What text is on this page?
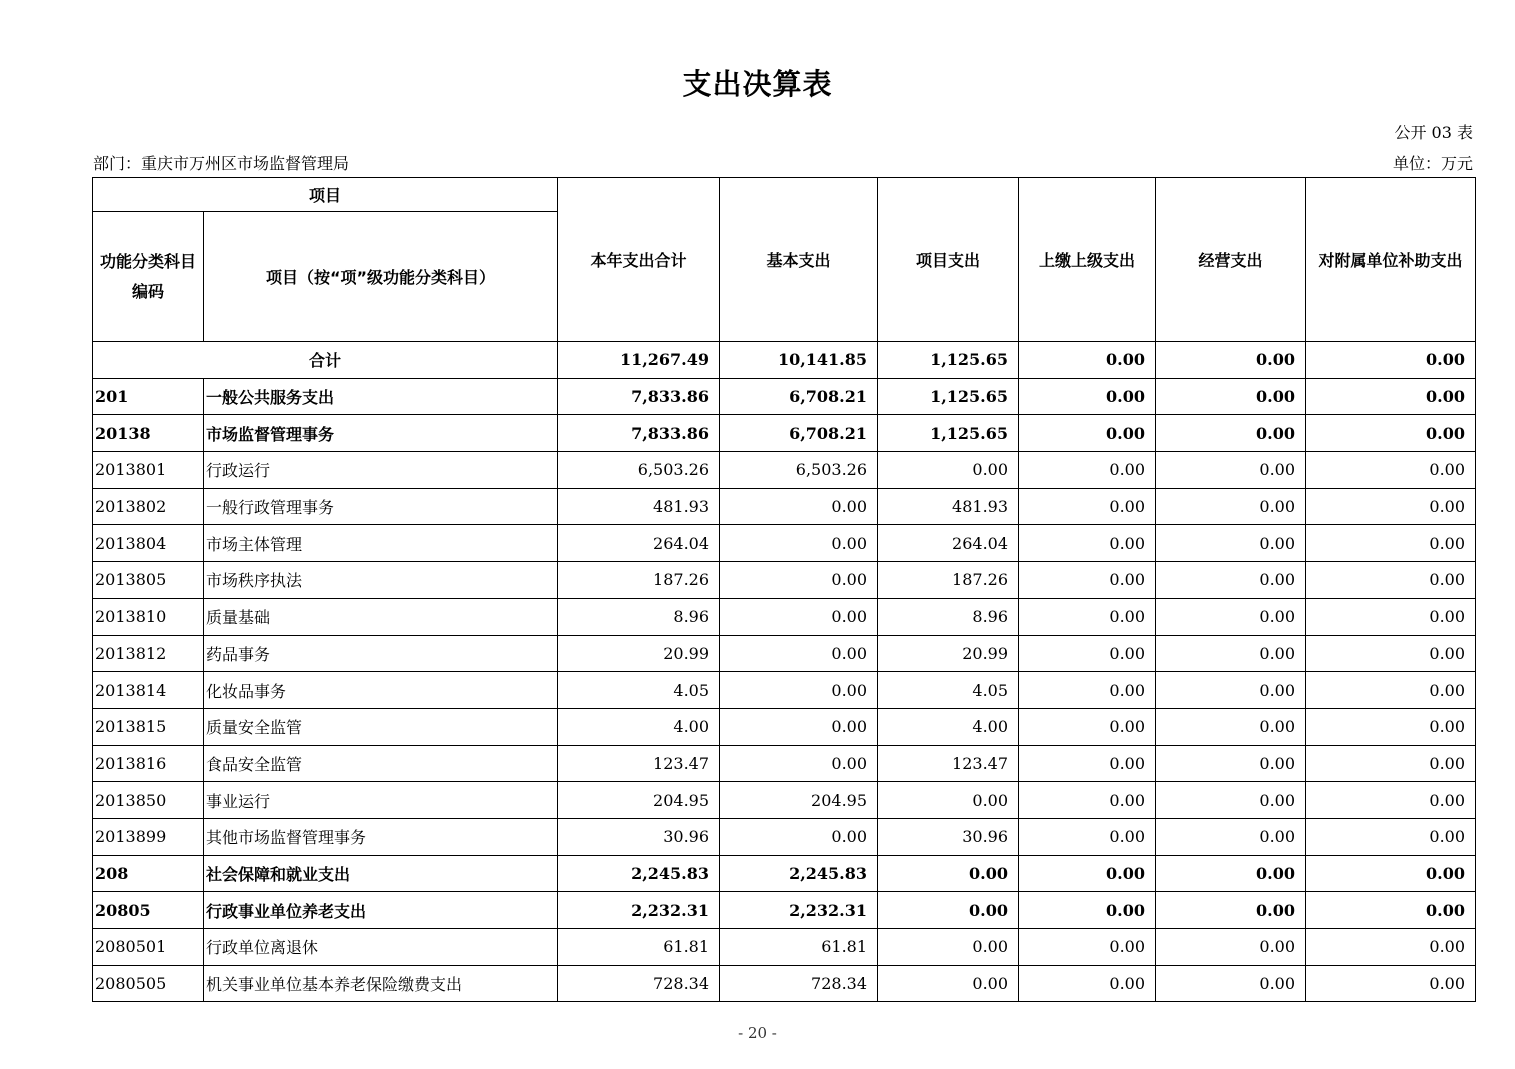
支出决算表
公开 03 表
部门：重庆市万州区市场监督管理局	单位：万元
项目		本年支出合计	基本支出	项目支出	上缴上级支出	经营支出	对附属单位补助支出
功能分类科目编码	项目（按“项”级功能分类科目）						
合计		11,267.49	10,141.85	1,125.65	0.00	0.00	0.00
201	一般公共服务支出	7,833.86	6,708.21	1,125.65	0.00	0.00	0.00
20138	市场监督管理事务	7,833.86	6,708.21	1,125.65	0.00	0.00	0.00
2013801	行政运行	6,503.26	6,503.26	0.00	0.00	0.00	0.00
2013802	一般行政管理事务	481.93	0.00	481.93	0.00	0.00	0.00
2013804	市场主体管理	264.04	0.00	264.04	0.00	0.00	0.00
2013805	市场秩序执法	187.26	0.00	187.26	0.00	0.00	0.00
2013810	质量基础	8.96	0.00	8.96	0.00	0.00	0.00
2013812	药品事务	20.99	0.00	20.99	0.00	0.00	0.00
2013814	化妆品事务	4.05	0.00	4.05	0.00	0.00	0.00
2013815	质量安全监管	4.00	0.00	4.00	0.00	0.00	0.00
2013816	食品安全监管	123.47	0.00	123.47	0.00	0.00	0.00
2013850	事业运行	204.95	204.95	0.00	0.00	0.00	0.00
2013899	其他市场监督管理事务	30.96	0.00	30.96	0.00	0.00	0.00
208	社会保障和就业支出	2,245.83	2,245.83	0.00	0.00	0.00	0.00
20805	行政事业单位养老支出	2,232.31	2,232.31	0.00	0.00	0.00	0.00
2080501	行政单位离退休	61.81	61.81	0.00	0.00	0.00	0.00
2080505	机关事业单位基本养老保险缴费支出	728.34	728.34	0.00	0.00	0.00	0.00
- 20 -
